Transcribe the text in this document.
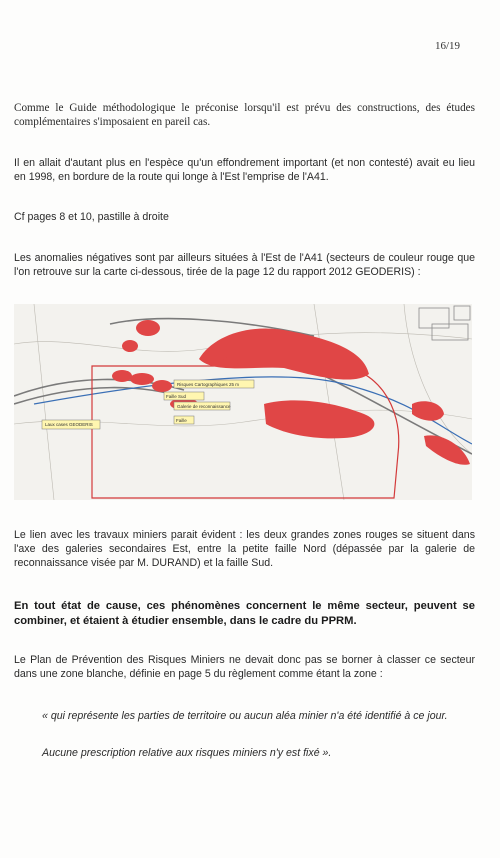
16/19
Comme le Guide méthodologique le préconise lorsqu'il est prévu des constructions, des études complémentaires s'imposaient en pareil cas.
Il en allait d'autant plus en l'espèce qu'un effondrement important (et non contesté) avait eu lieu en 1998, en bordure de la route qui longe à l'Est l'emprise de l'A41.
Cf pages 8 et 10, pastille à droite
Les anomalies négatives sont par ailleurs situées à l'Est de l'A41 (secteurs de couleur rouge que l'on retrouve sur la carte ci-dessous, tirée de la page 12 du rapport 2012 GEODERIS) :
Risques Cartographiques 25 m
Galerie de reconnaissance
Faille
Laux cases GEODERIS
Faille Sud
Le lien avec les travaux miniers parait évident : les deux grandes zones rouges se situent dans l'axe des galeries secondaires Est, entre la petite faille Nord (dépassée par la galerie de reconnaissance visée par M. DURAND) et la faille Sud.
En tout état de cause, ces phénomènes concernent le même secteur, peuvent se combiner, et étaient à étudier ensemble, dans le cadre du PPRM.
Le Plan de Prévention des Risques Miniers ne devait donc pas se borner à classer ce secteur dans une zone blanche, définie en page 5 du règlement comme étant la zone :
« qui représente les parties de territoire ou aucun aléa minier n'a été identifié à ce jour.
Aucune prescription relative aux risques miniers n'y est fixé ».
